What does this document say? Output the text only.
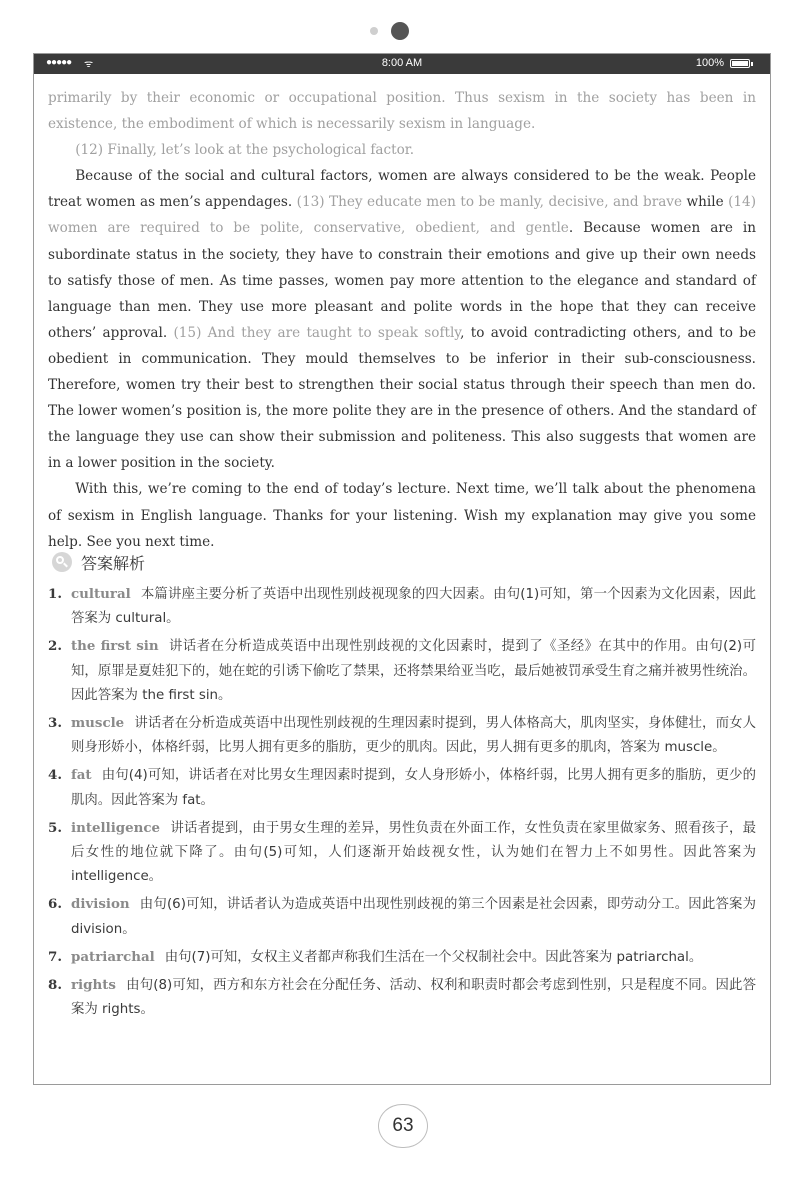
●●●●● ᯤ	8:00 AM	100%

primarily by their economic or occupational position. Thus sexism in the society has been in existence, the embodiment of which is necessarily sexism in language.

(12) Finally, let’s look at the psychological factor.

Because of the social and cultural factors, women are always considered to be the weak. People treat women as men’s appendages. (13) They educate men to be manly, decisive, and brave while (14) women are required to be polite, conservative, obedient, and gentle. Because women are in subordinate status in the society, they have to constrain their emotions and give up their own needs to satisfy those of men. As time passes, women pay more attention to the elegance and standard of language than men. They use more pleasant and polite words in the hope that they can receive others’ approval. (15) And they are taught to speak softly, to avoid contradicting others, and to be obedient in communication. They mould themselves to be inferior in their sub-consciousness. Therefore, women try their best to strengthen their social status through their speech than men do. The lower women’s position is, the more polite they are in the presence of others. And the standard of the language they use can show their submission and politeness. This also suggests that women are in a lower position in the society.

With this, we’re coming to the end of today’s lecture. Next time, we’ll talk about the phenomena of sexism in English language. Thanks for your listening. Wish my explanation may give you some help. See you next time.

答案解析
1. cultural 本篇讲座主要分析了英语中出现性别歧视现象的四大因素。由句(1)可知，第一个因素为文化因素，因此答案为 cultural。
2. the first sin 讲话者在分析造成英语中出现性别歧视的文化因素时，提到了《圣经》在其中的作用。由句(2)可知，原罪是夏娃犯下的，她在蛇的引诱下偷吃了禁果，还将禁果给亚当吃，最后她被罚承受生育之痛并被男性统治。因此答案为 the first sin。
3. muscle 讲话者在分析造成英语中出现性别歧视的生理因素时提到，男人体格高大，肌肉坚实，身体健壮，而女人则身形娇小，体格纤弱，比男人拥有更多的脂肪，更少的肌肉。因此，男人拥有更多的肌肉，答案为 muscle。
4. fat 由句(4)可知，讲话者在对比男女生理因素时提到，女人身形娇小，体格纤弱，比男人拥有更多的脂肪，更少的肌肉。因此答案为 fat。
5. intelligence 讲话者提到，由于男女生理的差异，男性负责在外面工作，女性负责在家里做家务、照看孩子，最后女性的地位就下降了。由句(5)可知，人们逐渐开始歧视女性，认为她们在智力上不如男性。因此答案为 intelligence。
6. division 由句(6)可知，讲话者认为造成英语中出现性别歧视的第三个因素是社会因素，即劳动分工。因此答案为 division。
7. patriarchal 由句(7)可知，女权主义者都声称我们生活在一个父权制社会中。因此答案为 patriarchal。
8. rights 由句(8)可知，西方和东方社会在分配任务、活动、权利和职责时都会考虑到性别，只是程度不同。因此答案为 rights。
63
